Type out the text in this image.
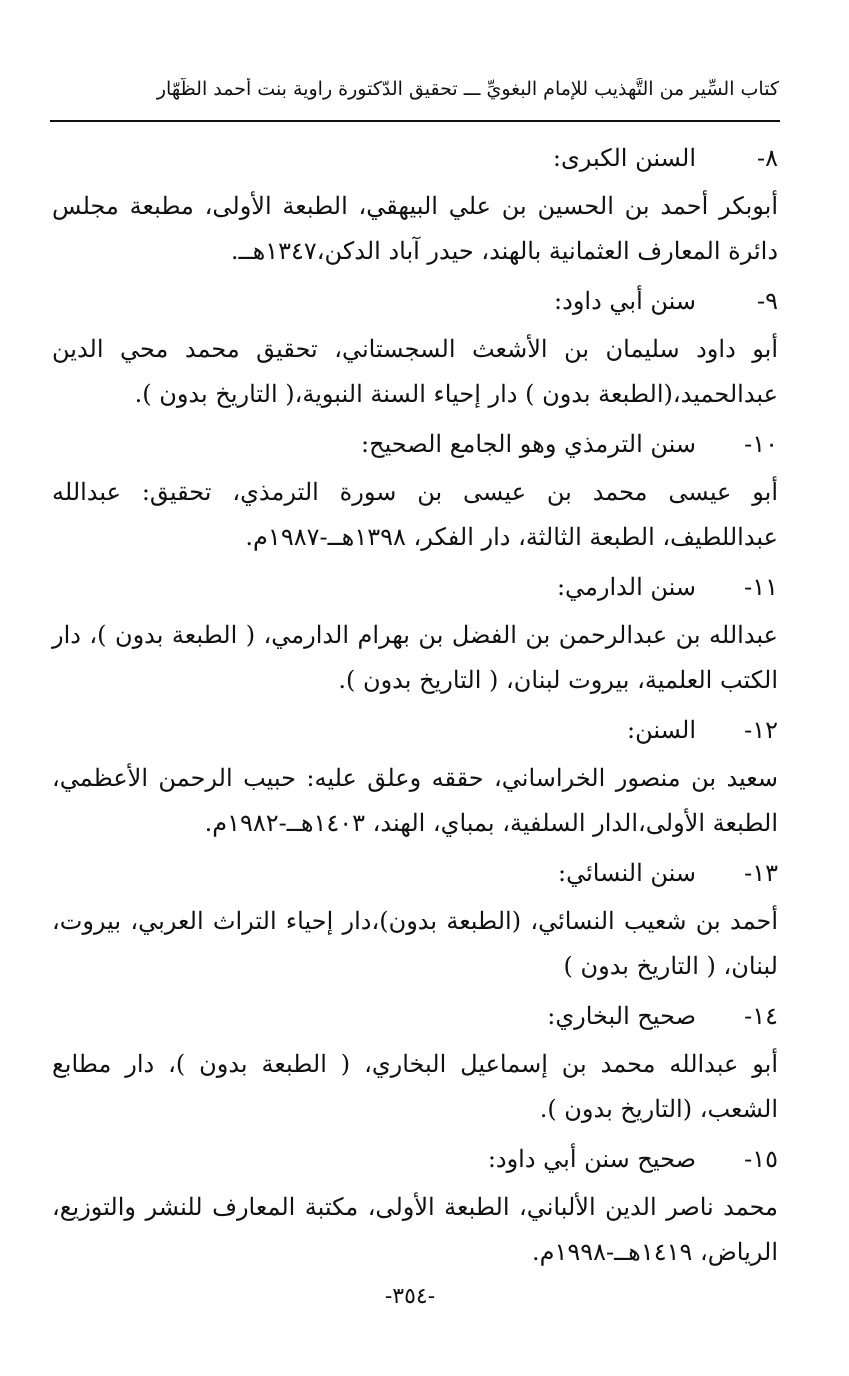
كتاب السِّير من التَّهذيب للإمام البغويِّ ـــ تحقيق الدّكتورة راوية بنت أحمد الظَّهّار
٨-
السنن الكبرى:
أبوبكر أحمد بن الحسين بن علي البيهقي، الطبعة الأولى، مطبعة مجلس دائرة المعارف العثمانية بالهند، حيدر آباد الدكن،١٣٤٧هــ.
٩-
سنن أبي داود:
أبو داود سليمان بن الأشعث السجستاني، تحقيق محمد محي الدين عبدالحميد،(الطبعة بدون ) دار إحياء السنة النبوية،( التاريخ بدون ).
١٠-
سنن الترمذي وهو الجامع الصحيح:
أبو عيسى محمد بن عيسى بن سورة الترمذي، تحقيق: عبدالله عبداللطيف، الطبعة الثالثة، دار الفكر، ١٣٩٨هــ-١٩٨٧م.
١١-
سنن الدارمي:
عبدالله بن عبدالرحمن بن الفضل بن بهرام الدارمي، ( الطبعة بدون )، دار الكتب العلمية، بيروت لبنان، ( التاريخ بدون ).
١٢-
السنن:
سعيد بن منصور الخراساني، حققه وعلق عليه: حبيب الرحمن الأعظمي، الطبعة الأولى،الدار السلفية، بمباي، الهند، ١٤٠٣هــ-١٩٨٢م.
١٣-
سنن النسائي:
أحمد بن شعيب النسائي، (الطبعة بدون)،دار إحياء التراث العربي، بيروت، لبنان، ( التاريخ بدون )
١٤-
صحيح البخاري:
أبو عبدالله محمد بن إسماعيل البخاري، ( الطبعة بدون )، دار مطابع الشعب، (التاريخ بدون ).
١٥-
صحيح سنن أبي داود:
محمد ناصر الدين الألباني، الطبعة الأولى، مكتبة المعارف للنشر والتوزيع، الرياض، ١٤١٩هــ-١٩٩٨م.
-٣٥٤-
